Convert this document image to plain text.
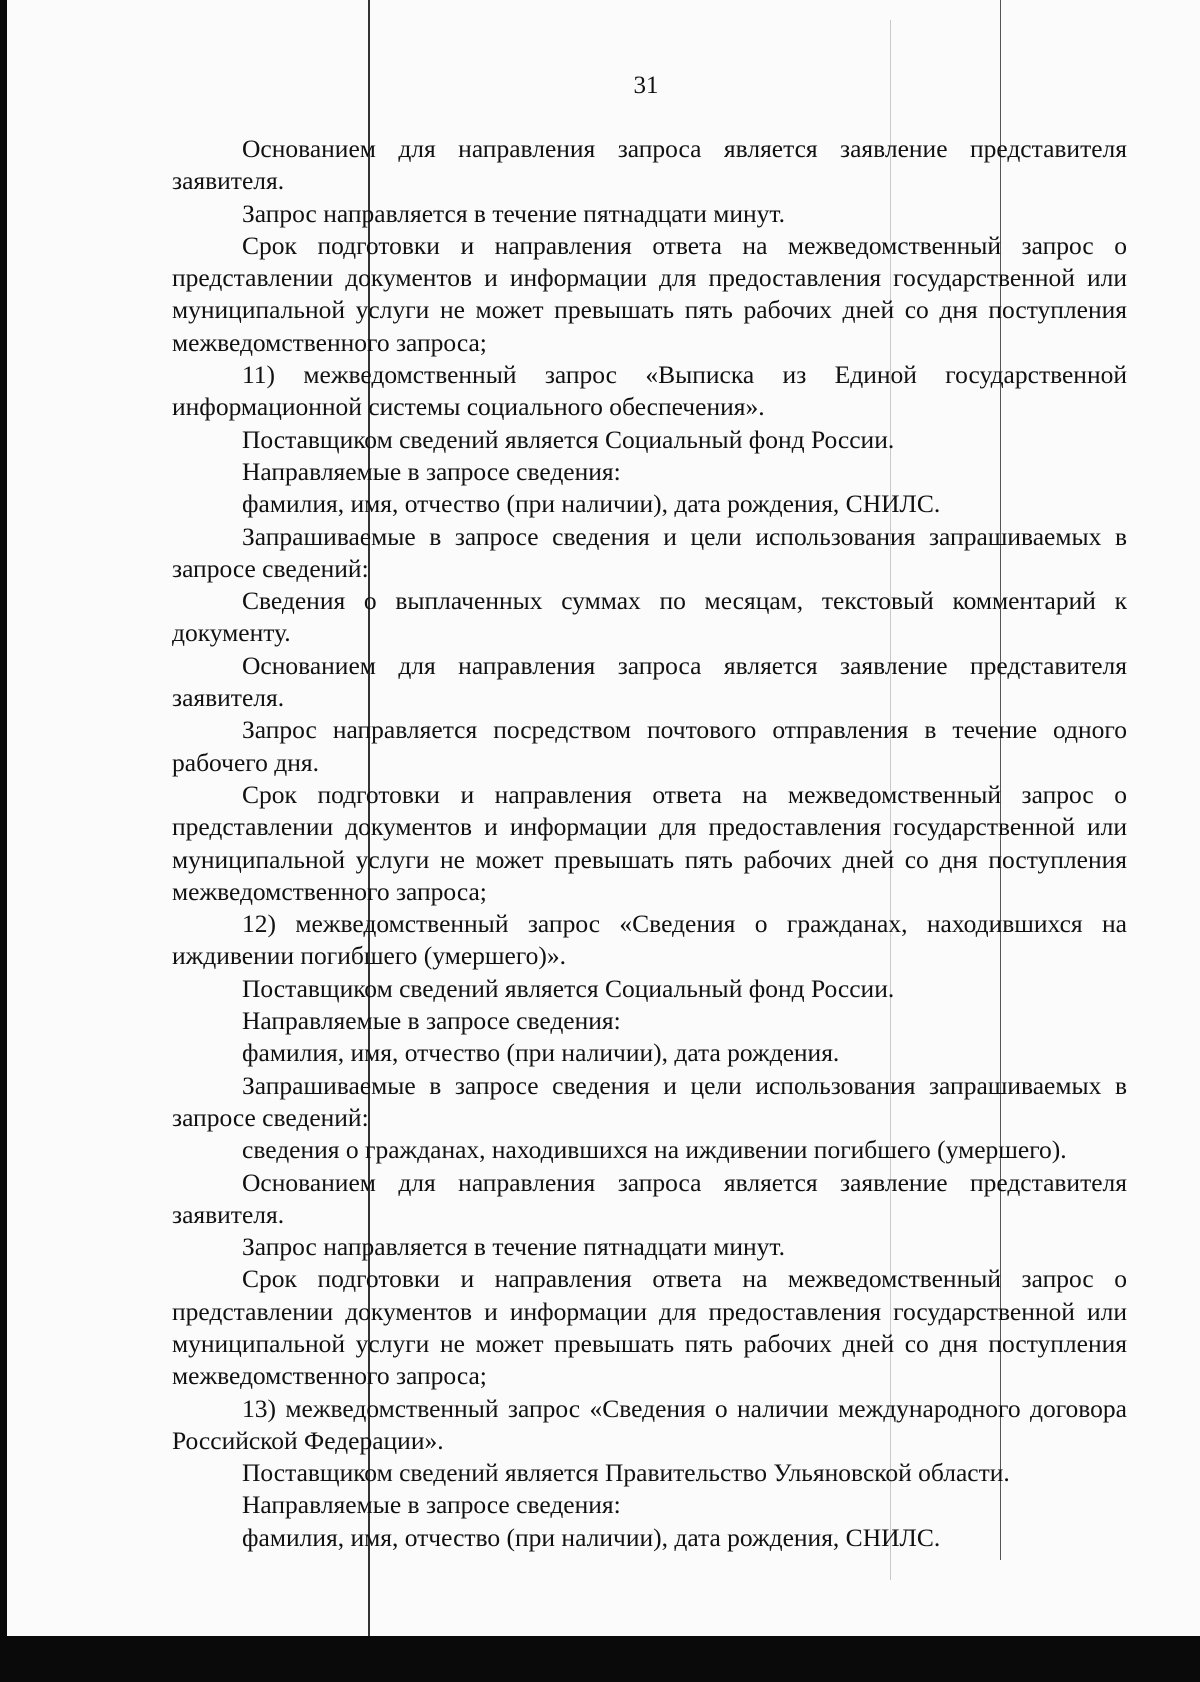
31

Основанием для направления запроса является заявление представителя заявителя.

Запрос направляется в течение пятнадцати минут.

Срок подготовки и направления ответа на межведомственный запрос о представлении документов и информации для предоставления государственной или муниципальной услуги не может превышать пять рабочих дней со дня поступления межведомственного запроса;

11) межведомственный запрос «Выписка из Единой государственной информационной системы социального обеспечения».

Поставщиком сведений является Социальный фонд России.

Направляемые в запросе сведения:

фамилия, имя, отчество (при наличии), дата рождения, СНИЛС.

Запрашиваемые в запросе сведения и цели использования запрашиваемых в запросе сведений:

Сведения о выплаченных суммах по месяцам, текстовый комментарий к документу.

Основанием для направления запроса является заявление представителя заявителя.

Запрос направляется посредством почтового отправления в течение одного рабочего дня.

Срок подготовки и направления ответа на межведомственный запрос о представлении документов и информации для предоставления государственной или муниципальной услуги не может превышать пять рабочих дней со дня поступления межведомственного запроса;

12) межведомственный запрос «Сведения о гражданах, находившихся на иждивении погибшего (умершего)».

Поставщиком сведений является Социальный фонд России.

Направляемые в запросе сведения:

фамилия, имя, отчество (при наличии), дата рождения.

Запрашиваемые в запросе сведения и цели использования запрашиваемых в запросе сведений:

сведения о гражданах, находившихся на иждивении погибшего (умершего).

Основанием для направления запроса является заявление представителя заявителя.

Запрос направляется в течение пятнадцати минут.

Срок подготовки и направления ответа на межведомственный запрос о представлении документов и информации для предоставления государственной или муниципальной услуги не может превышать пять рабочих дней со дня поступления межведомственного запроса;

13) межведомственный запрос «Сведения о наличии международного договора Российской Федерации».

Поставщиком сведений является Правительство Ульяновской области.

Направляемые в запросе сведения:

фамилия, имя, отчество (при наличии), дата рождения, СНИЛС.
